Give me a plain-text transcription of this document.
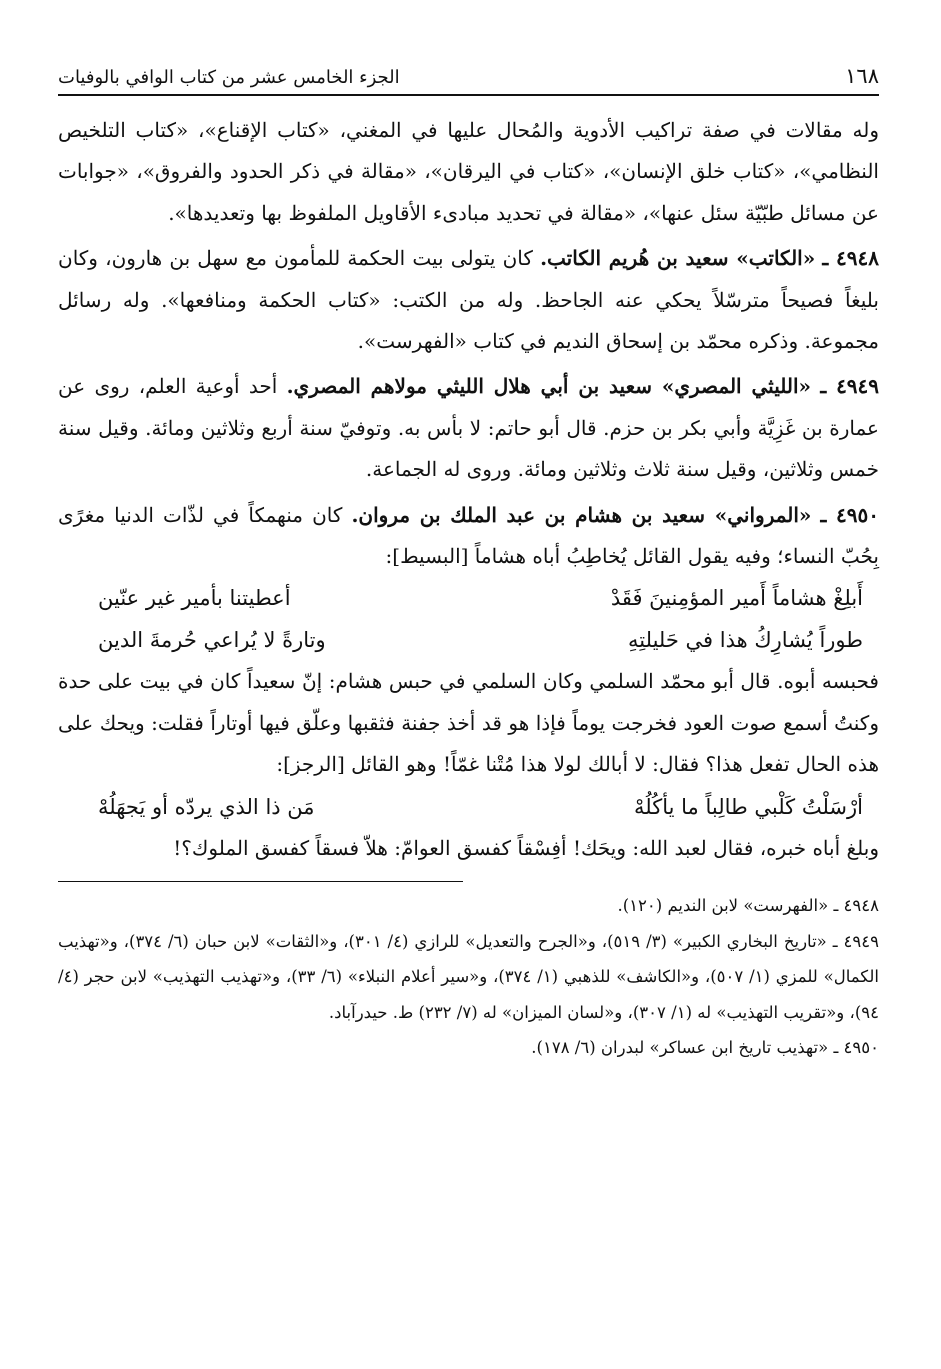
١٦٨
الجزء الخامس عشر من كتاب الوافي بالوفيات

وله مقالات في صفة تراكيب الأدوية والمُحال عليها في المغني، «كتاب الإقناع»، «كتاب التلخيص النظامي»، «كتاب خلق الإنسان»، «كتاب في اليرقان»، «مقالة في ذكر الحدود والفروق»، «جوابات عن مسائل طبّيّة سئل عنها»، «مقالة في تحديد مبادىء الأقاويل الملفوظ بها وتعديدها».

٤٩٤٨ ـ «الكاتب» سعيد بن هُريم الكاتب. كان يتولى بيت الحكمة للمأمون مع سهل بن هارون، وكان بليغاً فصيحاً مترسّلاً يحكي عنه الجاحظ. وله من الكتب: «كتاب الحكمة ومنافعها». وله رسائل مجموعة. وذكره محمّد بن إسحاق النديم في كتاب «الفهرست».

٤٩٤٩ ـ «الليثي المصري» سعيد بن أبي هلال الليثي مولاهم المصري. أحد أوعية العلم، روى عن عمارة بن غَزِيَّة وأبي بكر بن حزم. قال أبو حاتم: لا بأس به. وتوفيّ سنة أربع وثلاثين ومائة. وقيل سنة خمس وثلاثين، وقيل سنة ثلاث وثلاثين ومائة. وروى له الجماعة.

٤٩٥٠ ـ «المرواني» سعيد بن هشام بن عبد الملك بن مروان. كان منهمكاً في لذّات الدنيا مغرًى بِحُبّ النساء؛ وفيه يقول القائل يُخاطِبُ أباه هشاماً [البسيط]:

أَبلِغْ هشاماً أَمير المؤمِنينَ فَقَدْ
أعطيتنا بأمير غير عنّين
طوراً يُشارِكُ هذا في حَليلتِهِ
وتارةً لا يُراعي حُرمةَ الدين

فحبسه أبوه. قال أبو محمّد السلمي وكان السلمي في حبس هشام: إنّ سعيداً كان في بيت على حدة وكنتُ أسمع صوت العود فخرجت يوماً فإذا هو قد أخذ جفنة فثقبها وعلّق فيها أوتاراً فقلت: ويحك على هذه الحال تفعل هذا؟ فقال: لا أبالك لولا هذا مُتْنا غمّاً! وهو القائل [الرجز]:

أرْسَلْتُ كَلْبي طالِباً ما يأكُلُهْ
مَن ذا الذي يردّه أو يَجهَلُهْ

وبلغ أباه خبره، فقال لعبد الله: ويحَك! أفِسْقاً كفسق العوامّ: هلاّ فسقاً كفسق الملوك؟!

٤٩٤٨ ـ «الفهرست» لابن النديم (١٢٠).

٤٩٤٩ ـ «تاريخ البخاري الكبير» (٣/ ٥١٩)، و«الجرح والتعديل» للرازي (٤/ ٣٠١)، و«الثقات» لابن حبان (٦/ ٣٧٤)، و«تهذيب الكمال» للمزي (١/ ٥٠٧)، و«الكاشف» للذهبي (١/ ٣٧٤)، و«سير أعلام النبلاء» (٦/ ٣٣)، و«تهذيب التهذيب» لابن حجر (٤/ ٩٤)، و«تقريب التهذيب» له (١/ ٣٠٧)، و«لسان الميزان» له (٧/ ٢٣٢) ط. حيدرآباد.

٤٩٥٠ ـ «تهذيب تاريخ ابن عساكر» لبدران (٦/ ١٧٨).
